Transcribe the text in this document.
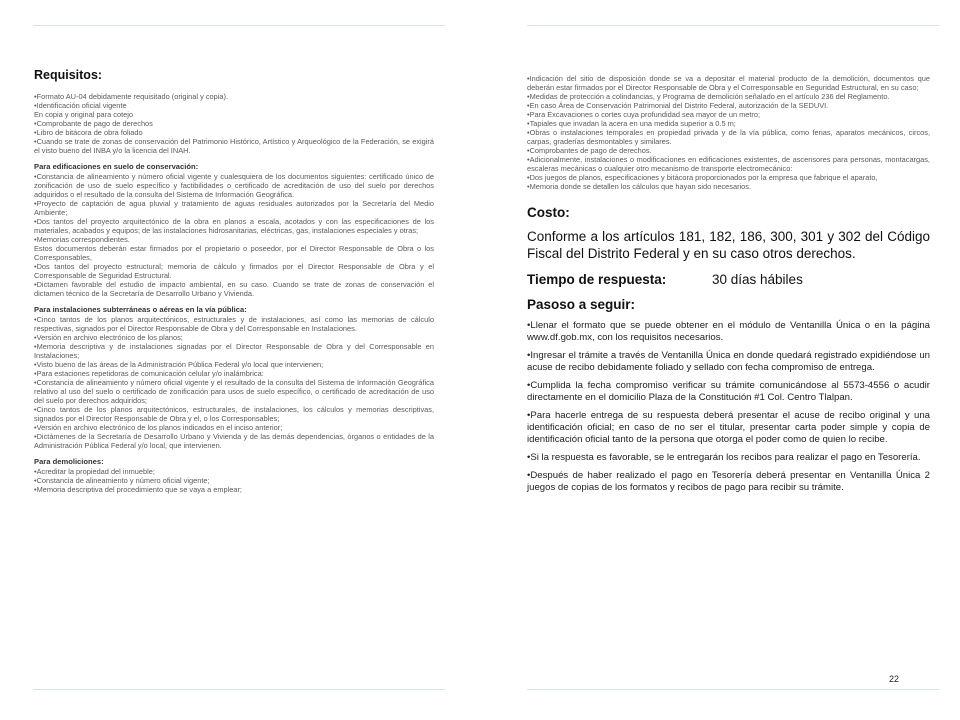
Requisitos:

•Formato AU-04 debidamente requisitado (original y copia).

•Identificación oficial vigente

En copia y original para cotejo

•Comprobante de pago de derechos

•Libro de bitácora de obra foliado

•Cuando se trate de zonas de conservación del Patrimonio Histórico, Artístico y Arqueológico de la Federación, se exigirá el visto bueno del INBA y/o la licencia del INAH.

Para edificaciones en suelo de conservación:

•Constancia de alineamiento y número oficial vigente y cualesquiera de los documentos siguientes: certificado único de zonificación de uso de suelo específico y factibilidades o certificado de acreditación de uso del suelo por derechos adquiridos o el resultado de la consulta del Sistema de Información Geográfica.

•Proyecto de captación de agua pluvial y tratamiento de aguas residuales autorizados por la Secretaría del Medio Ambiente;

•Dos tantos del proyecto arquitectónico de la obra en planos a escala, acotados y con las especificaciones de los materiales, acabados y equipos; de las instalaciones hidrosanitarias, eléctricas, gas, instalaciones especiales y otras;

•Memorias correspondientes.

Estos documentos deberán estar firmados por el propietario o poseedor, por el Director Responsable de Obra o los Corresponsables,

•Dos tantos del proyecto estructural; memoria de cálculo y firmados por el Director Responsable de Obra y el Corresponsable de Seguridad Estructural.

•Dictamen favorable del estudio de impacto ambiental, en su caso. Cuando se trate de zonas de conservación el dictamen técnico de la Secretaría de Desarrollo Urbano y Vivienda.

Para instalaciones subterráneas o aéreas en la vía pública:

•Cinco tantos de los planos arquitectónicos, estructurales y de instalaciones, así como las memorias de cálculo respectivas, signados por el Director Responsable de Obra y del Corresponsable en Instalaciones.

•Versión en archivo electrónico de los planos;

•Memoria descriptiva y de instalaciones signadas por el Director Responsable de Obra y del Corresponsable en Instalaciones;

•Visto bueno de las áreas de la Administración Pública Federal y/o local que intervienen;

•Para estaciones repetidoras de comunicación celular y/o inalámbrica:

•Constancia de alineamiento y número oficial vigente y el resultado de la consulta del Sistema de Información Geográfica relativo al uso del suelo o certificado de zonificación para usos de suelo específico, o certificado de acreditación de uso del suelo por derechos adquiridos;

•Cinco tantos de los planos arquitectónicos, estructurales, de instalaciones, los cálculos y memorias descriptivas, signados por el Director Responsable de Obra y el, o los Corresponsables;

•Versión en archivo electrónico de los planos indicados en el inciso anterior;

•Dictámenes de la Secretaría de Desarrollo Urbano y Vivienda y de las demás dependencias, órganos o entidades de la Administración Pública Federal y/o local, que intervienen.

Para demoliciones:

•Acreditar la propiedad del inmueble;

•Constancia de alineamiento y número oficial vigente;

•Memoria descriptiva del procedimiento que se vaya a emplear;

•Indicación del sitio de disposición donde se va a depositar el material producto de la demolición, documentos que deberán estar firmados por el Director Responsable de Obra y el Corresponsable en Seguridad Estructural, en su caso;

•Medidas de protección a colindancias, y Programa de demolición señalado en el artículo 236 del Reglamento.

•En caso Área de Conservación Patrimonial del Distrito Federal, autorización de la SEDUVI.

•Para Excavaciones o cortes cuya profundidad sea mayor de un metro;

•Tapiales que invadan la acera en una medida superior a 0.5 m;

•Obras o instalaciones temporales en propiedad privada y de la vía pública, como ferias, aparatos mecánicos, circos, carpas, graderías desmontables y similares.

•Comprobantes de pago de derechos.

•Adicionalmente, instalaciones o modificaciones en edificaciones existentes, de ascensores para personas, montacargas, escaleras mecánicas o cualquier otro mecanismo de transporte electromecánico:

•Dos juegos de planos, especificaciones y bitácora proporcionados por la empresa que fabrique el aparato,

•Memoria donde se detallen los cálculos que hayan sido necesarios.

Costo:
Conforme a los artículos 181, 182, 186, 300, 301 y 302 del Código Fiscal del Distrito Federal y en su caso otros derechos.
Tiempo de respuesta:	30 días hábiles
Pasoso a seguir:

•Llenar el formato que se puede obtener en el módulo de Ventanilla Única o en la página www.df.gob.mx, con los requisitos necesarios.

•Ingresar el trámite a través de Ventanilla Única en donde quedará registrado expidiéndose un acuse de recibo debidamente foliado y sellado con fecha compromiso de entrega.

•Cumplida la fecha compromiso verificar su trámite comunicándose al 5573-4556 o acudir directamente en el domicilio Plaza de la Constitución #1 Col. Centro Tlalpan.

•Para hacerle entrega de su respuesta deberá presentar el acuse de recibo original y una identificación oficial; en caso de no ser el titular, presentar carta poder simple y copia de identificación oficial tanto de la persona que otorga el poder como de quien lo recibe.

•Si la respuesta es favorable, se le entregarán los recibos para realizar el pago en Tesorería.

•Después de haber realizado el pago en Tesorería deberá presentar en Ventanilla Única 2 juegos de copias de los formatos y recibos de pago para recibir su trámite.

22
